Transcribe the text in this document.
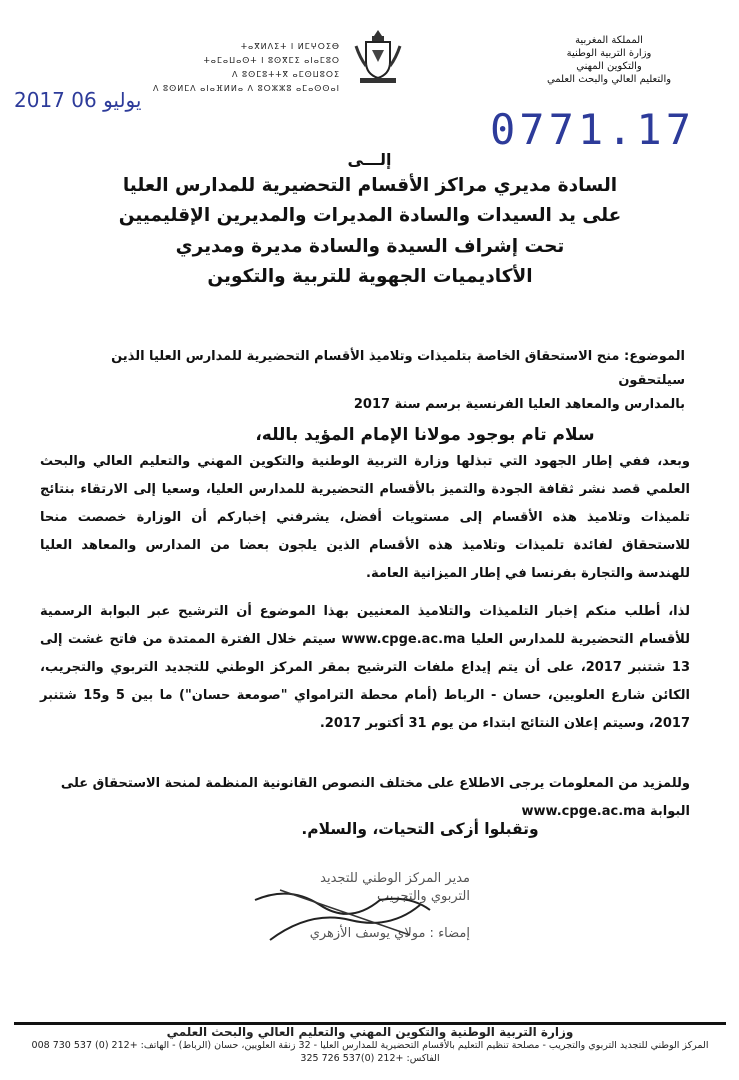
المملكة المغربية
وزارة التربية الوطنية
والتكوين المهني
والتعليم العالي والبحث العلمي
ⵜⴰⴳⵍⴷⵉⵜ ⵏ ⵍⵎⵖⵔⵉⴱ
ⵜⴰⵎⴰⵡⴰⵙⵜ ⵏ ⵓⵙⴳⵎⵉ ⴰⵏⴰⵎⵓⵔ
ⴷ ⵓⵙⵎⵓⵜⵜⴳ ⴰⵎⵙⵡⵓⵔⵉ
ⴷ ⵓⵙⵍⵎⴷ ⴰⵏⴰⴼⵍⵍⴰ ⴷ ⵓⵔⵣⵣⵓ ⴰⵎⴰⵙⵙⴰⵏ
2017 يوليو 06
0771.17
إلـــى
السادة مديري مراكز الأقسام التحضيرية للمدارس العليا
على يد السيدات والسادة المديرات والمديرين الإقليميين
تحت إشراف السيدة والسادة مديرة ومديري
الأكاديميات الجهوية للتربية والتكوين
الموضوع: منح الاستحقاق الخاصة بتلميذات وتلاميذ الأقسام التحضيرية للمدارس العليا الذين سيلتحقون
بالمدارس والمعاهد العليا الفرنسية برسم سنة 2017
سلام تام بوجود مولانا الإمام المؤيد بالله،
وبعد، ففي إطار الجهود التي تبذلها وزارة التربية الوطنية والتكوين المهني والتعليم العالي والبحث العلمي قصد نشر ثقافة الجودة والتميز بالأقسام التحضيرية للمدارس العليا، وسعيا إلى الارتقاء بنتائج تلميذات وتلاميذ هذه الأقسام إلى مستويات أفضل، يشرفني إخباركم أن الوزارة خصصت منحا للاستحقاق لفائدة تلميذات وتلاميذ هذه الأقسام الذين يلجون بعضا من المدارس والمعاهد العليا للهندسة والتجارة بفرنسا في إطار الميزانية العامة.
لذا، أطلب منكم إخبار التلميذات والتلاميذ المعنيين بهذا الموضوع أن الترشيح عبر البوابة الرسمية للأقسام التحضيرية للمدارس العليا www.cpge.ac.ma سيتم خلال الفترة الممتدة من فاتح غشت إلى 13 شتنبر 2017، على أن يتم إيداع ملفات الترشيح بمقر المركز الوطني للتجديد التربوي والتجريب، الكائن شارع العلويين، حسان - الرباط (أمام محطة الترامواي "صومعة حسان") ما بين 5 و15 شتنبر 2017، وسيتم إعلان النتائج ابتداء من يوم 31 أكتوبر 2017.
وللمزيد من المعلومات يرجى الاطلاع على مختلف النصوص القانونية المنظمة لمنحة الاستحقاق على البوابة www.cpge.ac.ma
وتقبلوا أزكى التحيات، والسلام.
مدير المركز الوطني للتجديد
التربوي والتجريب
إمضاء : مولاي يوسف الأزهري
وزارة التربية الوطنية والتكوين المهني والتعليم العالي والبحث العلمي
المركز الوطني للتجديد التربوي والتجريب - مصلحة تنظيم التعليم بالأقسام التحضيرية للمدارس العليا - 32 زنقة العلويين، حسان (الرباط) - الهاتف: +212 (0) 537 730 008
الفاكس: +212 (0)537 726 325
